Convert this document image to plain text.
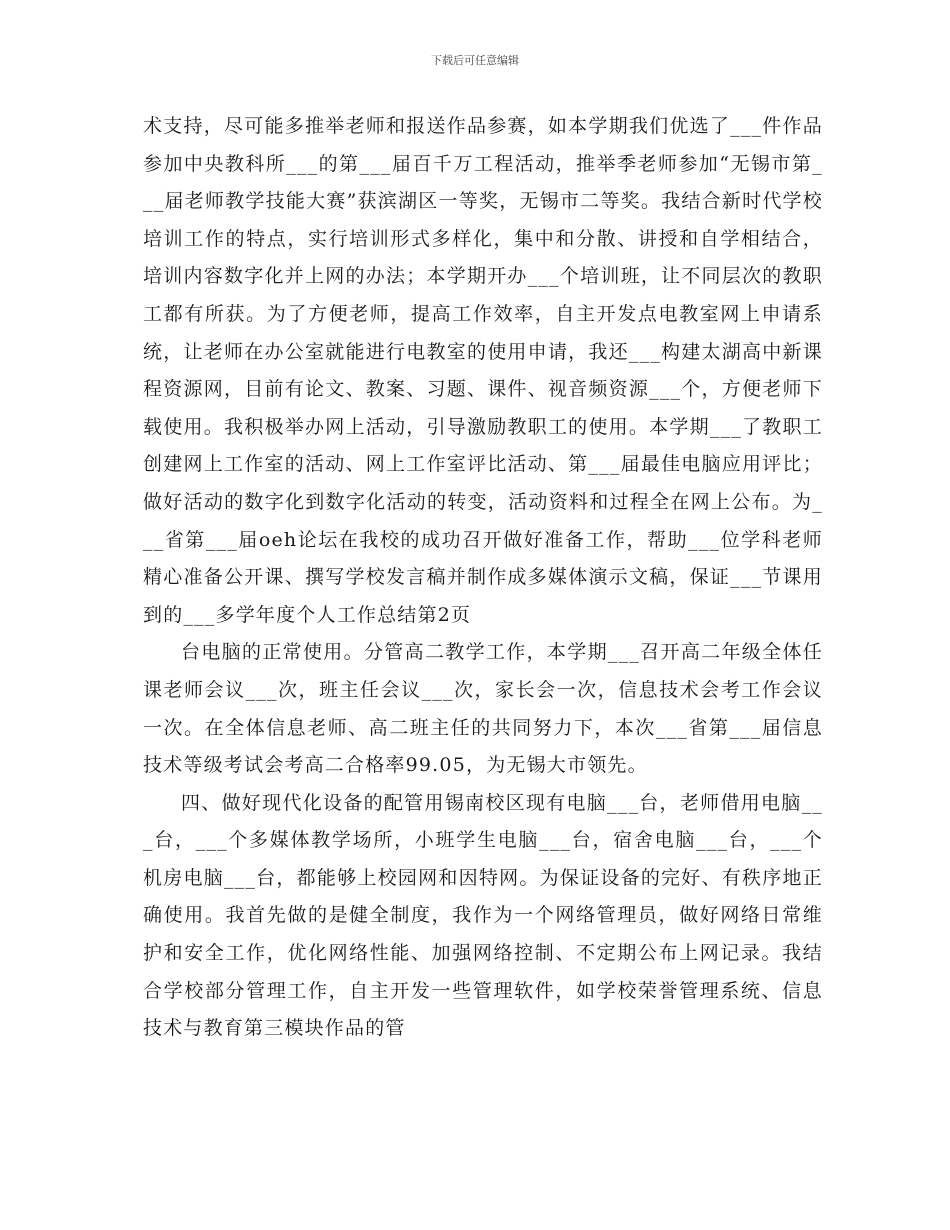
下载后可任意编辑

术支持，尽可能多推举老师和报送作品参赛，如本学期我们优选了___件作品参加中央教科所___的第___届百千万工程活动，推举季老师参加“无锡市第___届老师教学技能大赛”获滨湖区一等奖，无锡市二等奖。我结合新时代学校培训工作的特点，实行培训形式多样化，集中和分散、讲授和自学相结合，培训内容数字化并上网的办法；本学期开办___个培训班，让不同层次的教职工都有所获。为了方便老师，提高工作效率，自主开发点电教室网上申请系统，让老师在办公室就能进行电教室的使用申请，我还___构建太湖高中新课程资源网，目前有论文、教案、习题、课件、视音频资源___个，方便老师下载使用。我积极举办网上活动，引导激励教职工的使用。本学期___了教职工创建网上工作室的活动、网上工作室评比活动、第___届最佳电脑应用评比；做好活动的数字化到数字化活动的转变，活动资料和过程全在网上公布。为___省第___届oeh论坛在我校的成功召开做好准备工作，帮助___位学科老师精心准备公开课、撰写学校发言稿并制作成多媒体演示文稿，保证___节课用到的___多学年度个人工作总结第2页

台电脑的正常使用。分管高二教学工作，本学期___召开高二年级全体任课老师会议___次，班主任会议___次，家长会一次，信息技术会考工作会议一次。在全体信息老师、高二班主任的共同努力下，本次___省第___届信息技术等级考试会考高二合格率99.05，为无锡大市领先。

四、做好现代化设备的配管用锡南校区现有电脑___台，老师借用电脑___台，___个多媒体教学场所，小班学生电脑___台，宿舍电脑___台，___个机房电脑___台，都能够上校园网和因特网。为保证设备的完好、有秩序地正确使用。我首先做的是健全制度，我作为一个网络管理员，做好网络日常维护和安全工作，优化网络性能、加强网络控制、不定期公布上网记录。我结合学校部分管理工作，自主开发一些管理软件，如学校荣誉管理系统、信息技术与教育第三模块作品的管
